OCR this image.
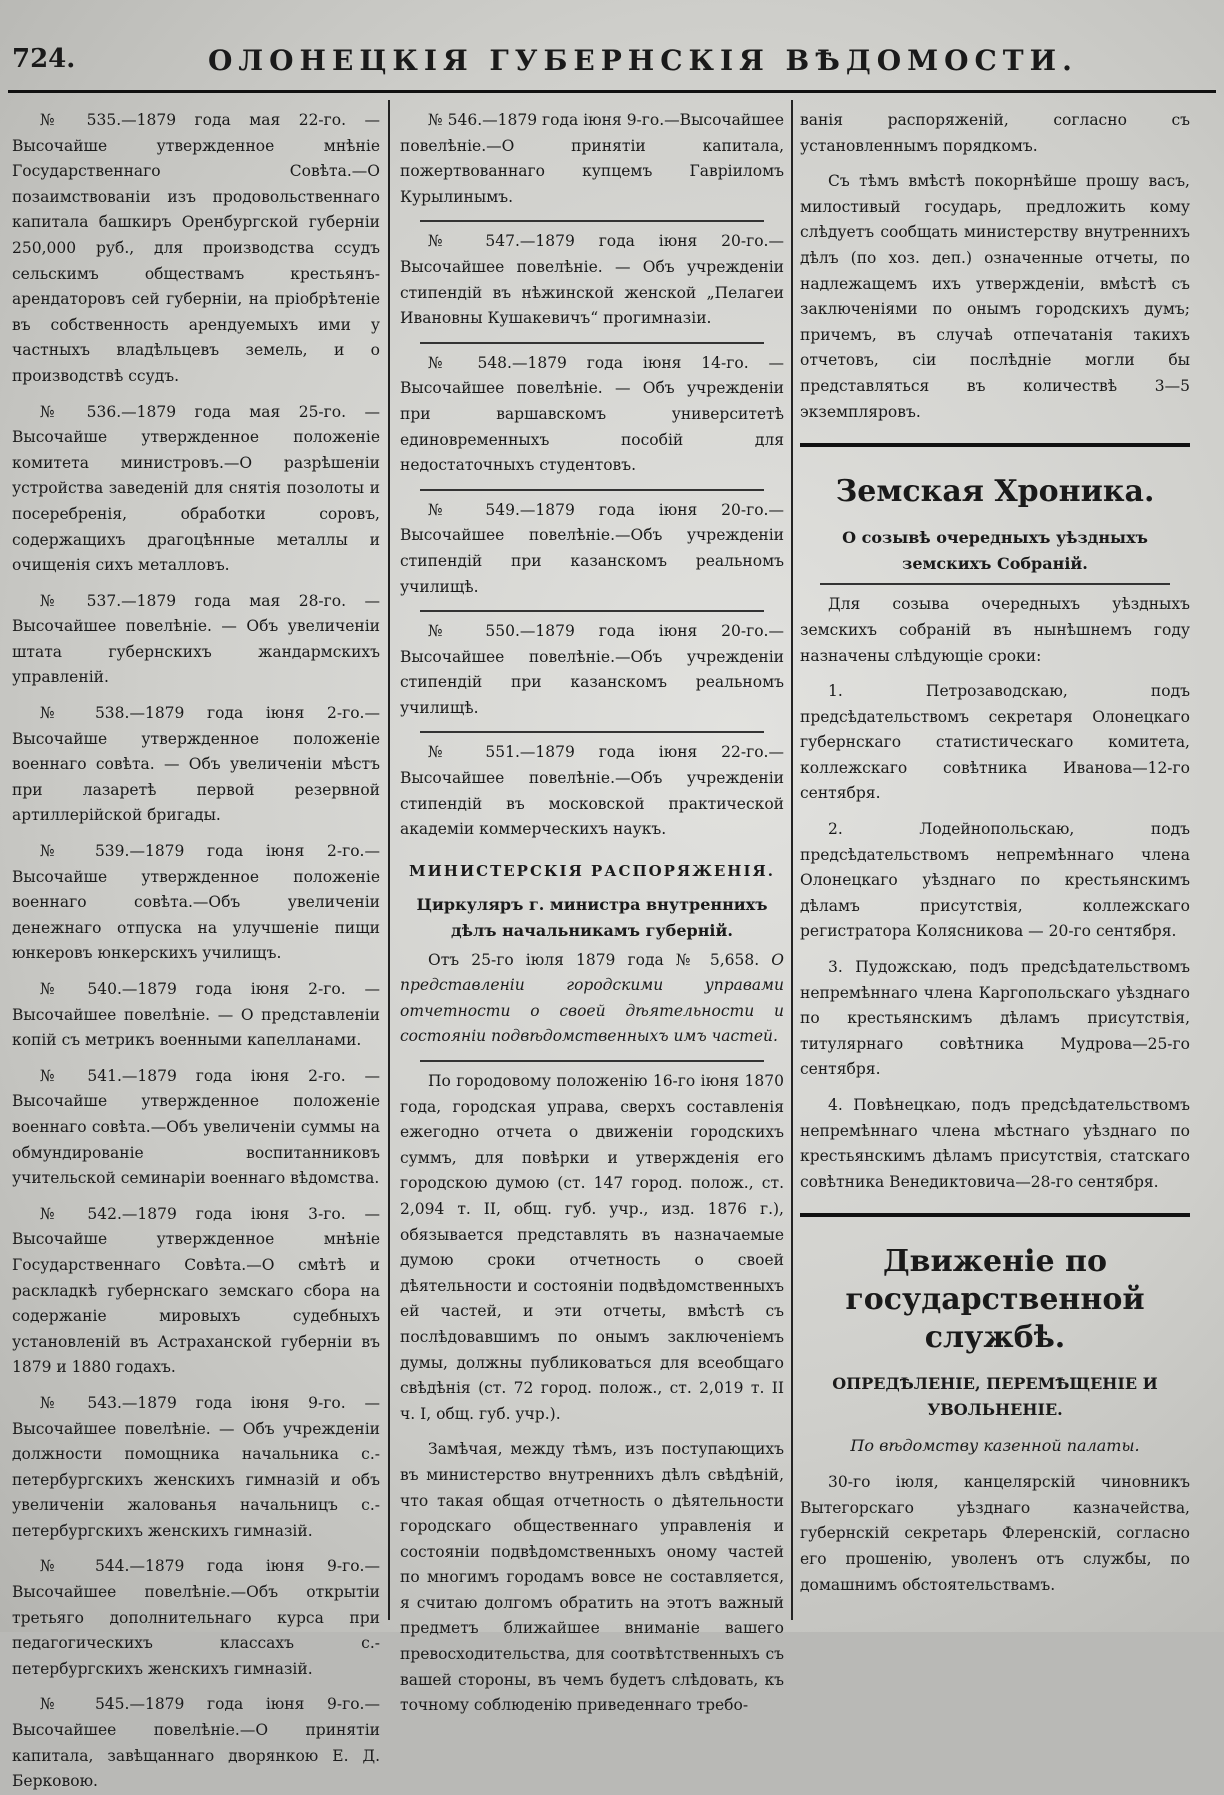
724.	ОЛОНЕЦКІЯ ГУБЕРНСКІЯ ВѢДОМОСТИ.

№ 535.—1879 года мая 22-го. — Высочайше утвержденное мнѣніе Государственнаго Совѣта.—О позаимствованіи изъ продовольственнаго капитала башкиръ Оренбургской губерніи 250,000 руб., для производства ссудъ сельскимъ обществамъ крестьянъ-арендаторовъ сей губерніи, на пріобрѣтеніе въ собственность арендуемыхъ ими у частныхъ владѣльцевъ земель, и о производствѣ ссудъ.

№ 536.—1879 года мая 25-го. — Высочайше утвержденное положеніе комитета министровъ.—О разрѣшеніи устройства заведеній для снятія позолоты и посеребренія, обработки соровъ, содержащихъ драгоцѣнные металлы и очищенія сихъ металловъ.

№ 537.—1879 года мая 28-го. — Высочайшее повелѣніе. — Объ увеличеніи штата губернскихъ жандармскихъ управленій.

№ 538.—1879 года іюня 2-го.—Высочайше утвержденное положеніе военнаго совѣта. — Объ увеличеніи мѣстъ при лазаретѣ первой резервной артиллерійской бригады.

№ 539.—1879 года іюня 2-го.—Высочайше утвержденное положеніе военнаго совѣта.—Объ увеличеніи денежнаго отпуска на улучшеніе пищи юнкеровъ юнкерскихъ училищъ.

№ 540.—1879 года іюня 2-го. — Высочайшее повелѣніе. — О представленіи копій съ метрикъ военными капелланами.

№ 541.—1879 года іюня 2-го. — Высочайше утвержденное положеніе военнаго совѣта.—Объ увеличеніи суммы на обмундированіе воспитанниковъ учительской семинаріи военнаго вѣдомства.

№ 542.—1879 года іюня 3-го. — Высочайше утвержденное мнѣніе Государственнаго Совѣта.—О смѣтѣ и раскладкѣ губернскаго земскаго сбора на содержаніе мировыхъ судебныхъ установленій въ Астраханской губерніи въ 1879 и 1880 годахъ.

№ 543.—1879 года іюня 9-го. — Высочайшее повелѣніе. — Объ учрежденіи должности помощника начальника с.-петербургскихъ женскихъ гимназій и объ увеличеніи жалованья начальницъ с.-петербургскихъ женскихъ гимназій.

№ 544.—1879 года іюня 9-го.—Высочайшее повелѣніе.—Объ открытіи третьяго дополнительнаго курса при педагогическихъ классахъ с.-петербургскихъ женскихъ гимназій.

№ 545.—1879 года іюня 9-го.—Высочайшее повелѣніе.—О принятіи капитала, завѣщаннаго дворянкою Е. Д. Берковою.

№ 546.—1879 года іюня 9-го.—Высочайшее повелѣніе.—О принятіи капитала, пожертвованнаго купцемъ Гавріиломъ Курылинымъ.

№ 547.—1879 года іюня 20-го.—Высочайшее повелѣніе. — Объ учрежденіи стипендій въ нѣжинской женской „Пелагеи Ивановны Кушакевичъ“ прогимназіи.

№ 548.—1879 года іюня 14-го. — Высочайшее повелѣніе. — Объ учрежденіи при варшавскомъ университетѣ единовременныхъ пособій для недостаточныхъ студентовъ.

№ 549.—1879 года іюня 20-го.—Высочайшее повелѣніе.—Объ учрежденіи стипендій при казанскомъ реальномъ училищѣ.

№ 550.—1879 года іюня 20-го.—Высочайшее повелѣніе.—Объ учрежденіи стипендій при казанскомъ реальномъ училищѣ.

№ 551.—1879 года іюня 22-го.—Высочайшее повелѣніе.—Объ учрежденіи стипендій въ московской практической академіи коммерческихъ наукъ.

МИНИСТЕРСКІЯ РАСПОРЯЖЕНІЯ.
Циркуляръ г. министра внутреннихъ дѣлъ начальникамъ губерній.

Отъ 25-го іюля 1879 года № 5,658. О представленіи городскими управами отчетности о своей дѣятельности и состояніи подвѣдомственныхъ имъ частей.

По городовому положенію 16-го іюня 1870 года, городская управа, сверхъ составленія ежегодно отчета о движеніи городскихъ суммъ, для повѣрки и утвержденія его городскою думою (ст. 147 город. полож., ст. 2,094 т. II, общ. губ. учр., изд. 1876 г.), обязывается представлять въ назначаемые думою сроки отчетность о своей дѣятельности и состояніи подвѣдомственныхъ ей частей, и эти отчеты, вмѣстѣ съ послѣдовавшимъ по онымъ заключеніемъ думы, должны публиковаться для всеобщаго свѣдѣнія (ст. 72 город. полож., ст. 2,019 т. II ч. I, общ. губ. учр.).

Замѣчая, между тѣмъ, изъ поступающихъ въ министерство внутреннихъ дѣлъ свѣдѣній, что такая общая отчетность о дѣятельности городскаго общественнаго управленія и состояніи подвѣдомственныхъ оному частей по многимъ городамъ вовсе не составляется, я считаю долгомъ обратить на этотъ важный предметъ ближайшее вниманіе вашего превосходительства, для соотвѣтственныхъ съ вашей стороны, въ чемъ будетъ слѣдовать, къ точному соблюденію приведеннаго требо-

ванія распоряженій, согласно съ установленнымъ порядкомъ.

Съ тѣмъ вмѣстѣ покорнѣйше прошу васъ, милостивый государь, предложить кому слѣдуетъ сообщать министерству внутреннихъ дѣлъ (по хоз. деп.) означенные отчеты, по надлежащемъ ихъ утвержденіи, вмѣстѣ съ заключеніями по онымъ городскихъ думъ; причемъ, въ случаѣ отпечатанія такихъ отчетовъ, сіи послѣдніе могли бы представляться въ количествѣ 3—5 экземпляровъ.

Земская Хроника.
О созывѣ очередныхъ уѣздныхъ земскихъ Собраній.

Для созыва очередныхъ уѣздныхъ земскихъ собраній въ нынѣшнемъ году назначены слѣдующіе сроки:

1. Петрозаводскаю, подъ предсѣдательствомъ секретаря Олонецкаго губернскаго статистическаго комитета, коллежскаго совѣтника Иванова—12-го сентября.

2. Лодейнопольскаю, подъ предсѣдательствомъ непремѣннаго члена Олонецкаго уѣзднаго по крестьянскимъ дѣламъ присутствія, коллежскаго регистратора Колясникова — 20-го сентября.

3. Пудожскаю, подъ предсѣдательствомъ непремѣннаго члена Каргопольскаго уѣзднаго по крестьянскимъ дѣламъ присутствія, титулярнаго совѣтника Мудрова—25-го сентября.

4. Повѣнецкаю, подъ предсѣдательствомъ непремѣннаго члена мѣстнаго уѣзднаго по крестьянскимъ дѣламъ присутствія, статскаго совѣтника Венедиктовича—28-го сентября.

Движеніе по государственной службѣ.
ОПРЕДѢЛЕНІЕ, ПЕРЕМѢЩЕНІЕ И УВОЛЬНЕНІЕ.
По вѣдомству казенной палаты.

30-го іюля, канцелярскій чиновникъ Вытегорскаго уѣзднаго казначейства, губернскій секретарь Флеренскій, согласно его прошенію, уволенъ отъ службы, по домашнимъ обстоятельствамъ.
